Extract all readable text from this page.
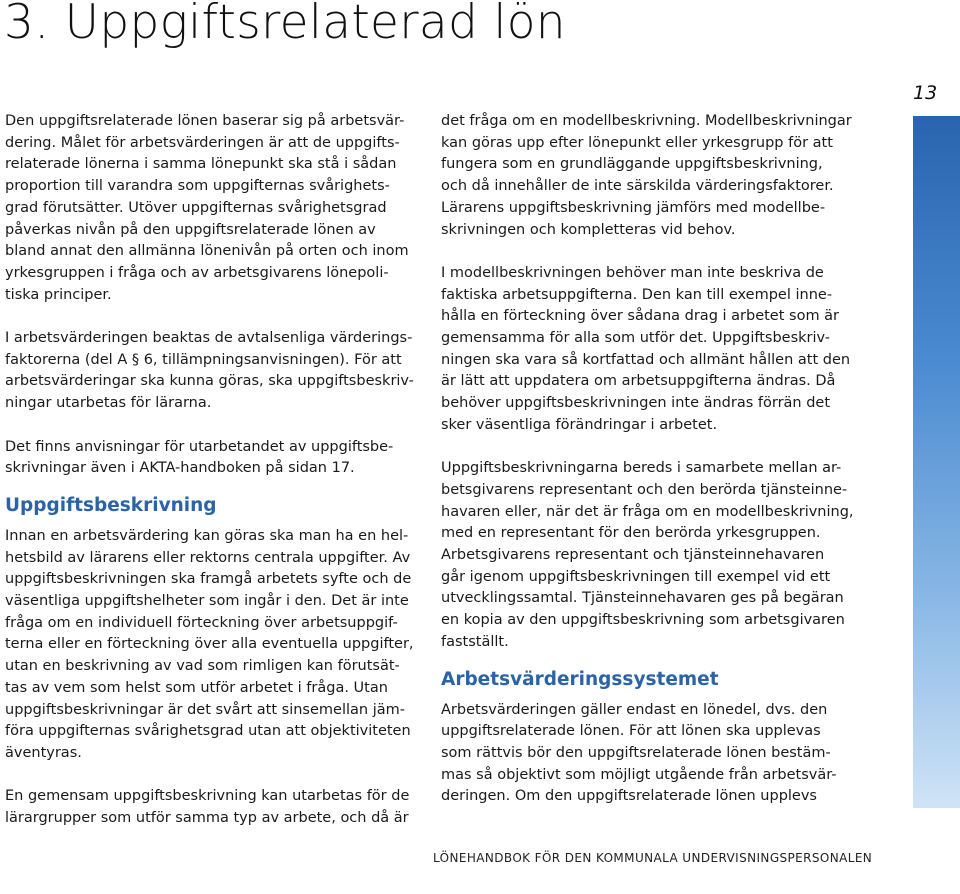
3. Uppgiftsrelaterad lön
13

Den uppgiftsrelaterade lönen baserar sig på arbetsvär-
dering. Målet för arbetsvärderingen är att de uppgifts-
relaterade lönerna i samma lönepunkt ska stå i sådan
proportion till varandra som uppgifternas svårighets-
grad förutsätter. Utöver uppgifternas svårighetsgrad
påverkas nivån på den uppgiftsrelaterade lönen av
bland annat den allmänna lönenivån på orten och inom
yrkesgruppen i fråga och av arbetsgivarens lönepoli-
tiska principer.

I arbetsvärderingen beaktas de avtalsenliga värderings-
faktorerna (del A § 6, tillämpningsanvisningen). För att
arbetsvärderingar ska kunna göras, ska uppgiftsbeskriv-
ningar utarbetas för lärarna.

Det finns anvisningar för utarbetandet av uppgiftsbe-
skrivningar även i AKTA-handboken på sidan 17.

Uppgiftsbeskrivning

Innan en arbetsvärdering kan göras ska man ha en hel-
hetsbild av lärarens eller rektorns centrala uppgifter. Av
uppgiftsbeskrivningen ska framgå arbetets syfte och de
väsentliga uppgiftshelheter som ingår i den. Det är inte
fråga om en individuell förteckning över arbetsuppgif-
terna eller en förteckning över alla eventuella uppgifter,
utan en beskrivning av vad som rimligen kan förutsät-
tas av vem som helst som utför arbetet i fråga. Utan
uppgiftsbeskrivningar är det svårt att sinsemellan jäm-
föra uppgifternas svårighetsgrad utan att objektiviteten
äventyras.

En gemensam uppgiftsbeskrivning kan utarbetas för de
lärargrupper som utför samma typ av arbete, och då är

det fråga om en modellbeskrivning. Modellbeskrivningar
kan göras upp efter lönepunkt eller yrkesgrupp för att
fungera som en grundläggande uppgiftsbeskrivning,
och då innehåller de inte särskilda värderingsfaktorer.
Lärarens uppgiftsbeskrivning jämförs med modellbe-
skrivningen och kompletteras vid behov.

I modellbeskrivningen behöver man inte beskriva de
faktiska arbetsuppgifterna. Den kan till exempel inne-
hålla en förteckning över sådana drag i arbetet som är
gemensamma för alla som utför det. Uppgiftsbeskriv-
ningen ska vara så kortfattad och allmänt hållen att den
är lätt att uppdatera om arbetsuppgifterna ändras. Då
behöver uppgiftsbeskrivningen inte ändras förrän det
sker väsentliga förändringar i arbetet.

Uppgiftsbeskrivningarna bereds i samarbete mellan ar-
betsgivarens representant och den berörda tjänsteinne-
havaren eller, när det är fråga om en modellbeskrivning,
med en representant för den berörda yrkesgruppen.
Arbetsgivarens representant och tjänsteinnehavaren
går igenom uppgiftsbeskrivningen till exempel vid ett
utvecklingssamtal. Tjänsteinnehavaren ges på begäran
en kopia av den uppgiftsbeskrivning som arbetsgivaren
fastställt.

Arbetsvärderingssystemet

Arbetsvärderingen gäller endast en lönedel, dvs. den
uppgiftsrelaterade lönen. För att lönen ska upplevas
som rättvis bör den uppgiftsrelaterade lönen bestäm-
mas så objektivt som möjligt utgående från arbetsvär-
deringen. Om den uppgiftsrelaterade lönen upplevs

LÖNEHANDBOK FÖR DEN KOMMUNALA UNDERVISNINGSPERSONALEN
